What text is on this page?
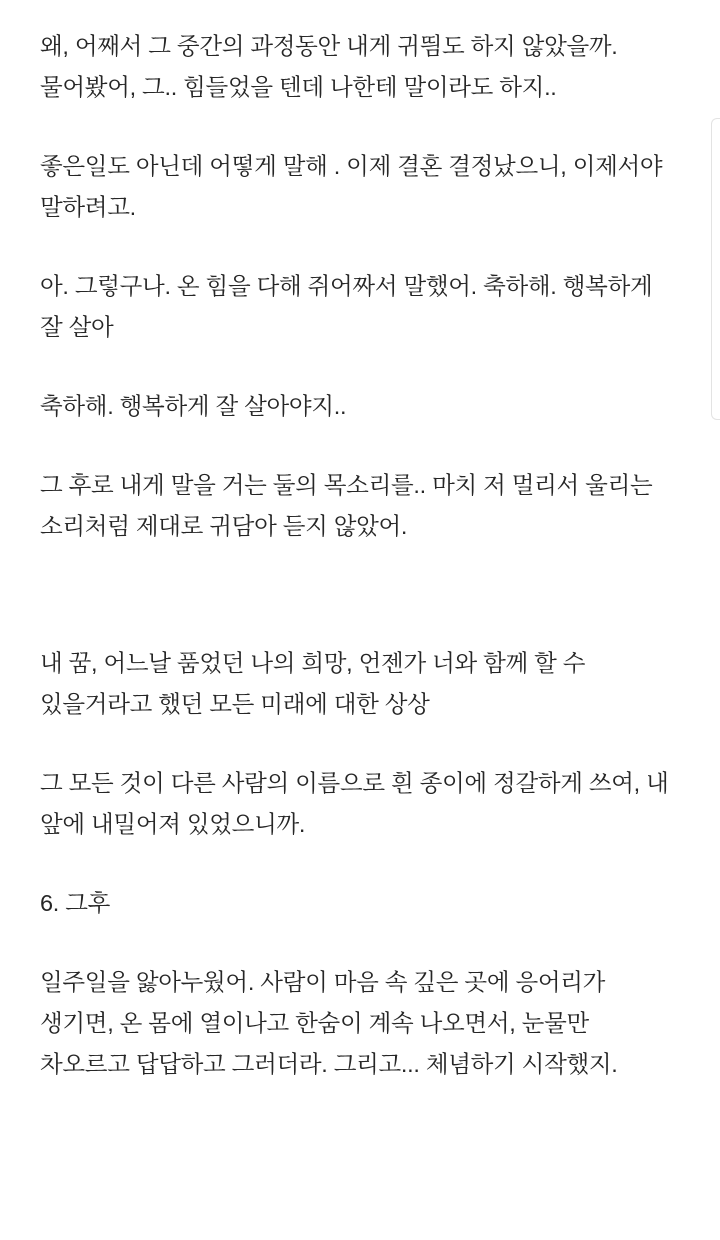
왜, 어째서 그 중간의 과정동안 내게 귀띔도 하지 않았을까. 물어봤어, 그.. 힘들었을 텐데 나한테 말이라도 하지..

좋은일도 아닌데 어떻게 말해 . 이제 결혼 결정났으니, 이제서야 말하려고.

아. 그렇구나. 온 힘을 다해 쥐어짜서 말했어. 축하해. 행복하게 잘 살아

축하해. 행복하게 잘 살아야지..

그 후로 내게 말을 거는 둘의 목소리를.. 마치 저 멀리서 울리는 소리처럼 제대로 귀담아 듣지 않았어.

내 꿈, 어느날 품었던 나의 희망, 언젠가 너와 함께 할 수 있을거라고 했던 모든 미래에 대한 상상

그 모든 것이 다른 사람의 이름으로 흰 종이에 정갈하게 쓰여, 내 앞에 내밀어져 있었으니까.

6. 그후

일주일을 앓아누웠어. 사람이 마음 속 깊은 곳에 응어리가 생기면, 온 몸에 열이나고 한숨이 계속 나오면서, 눈물만 차오르고 답답하고 그러더라. 그리고... 체념하기 시작했지.
